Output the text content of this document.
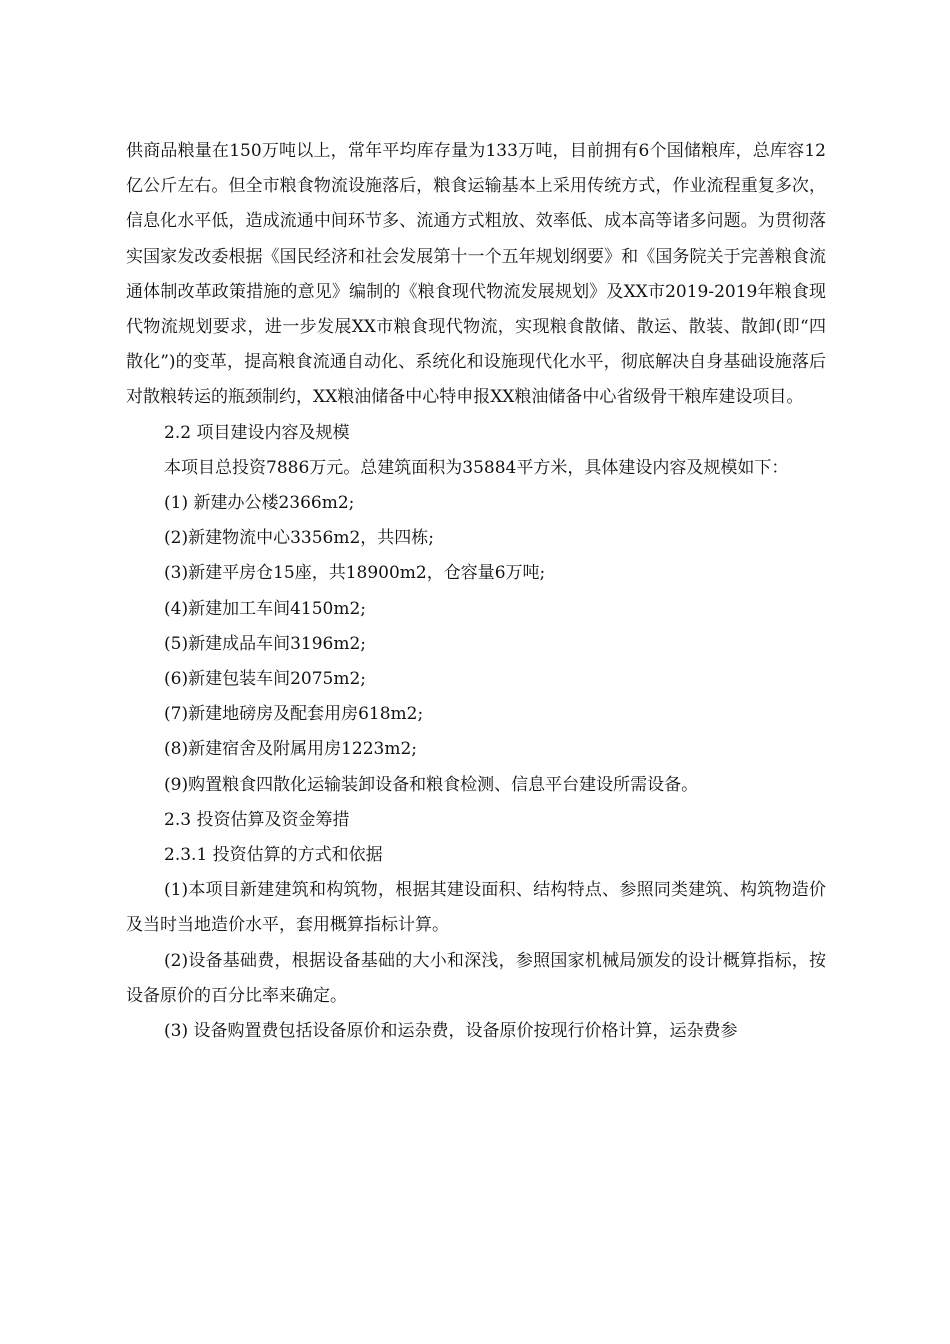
供商品粮量在150万吨以上，常年平均库存量为133万吨，目前拥有6个国储粮库，总库容12亿公斤左右。但全市粮食物流设施落后，粮食运输基本上采用传统方式，作业流程重复多次，信息化水平低，造成流通中间环节多、流通方式粗放、效率低、成本高等诸多问题。为贯彻落实国家发改委根据《国民经济和社会发展第十一个五年规划纲要》和《国务院关于完善粮食流通体制改革政策措施的意见》编制的《粮食现代物流发展规划》及XX市2019-2019年粮食现代物流规划要求，进一步发展XX市粮食现代物流，实现粮食散储、散运、散装、散卸(即“四散化”)的变革，提高粮食流通自动化、系统化和设施现代化水平，彻底解决自身基础设施落后对散粮转运的瓶颈制约，XX粮油储备中心特申报XX粮油储备中心省级骨干粮库建设项目。

2.2 项目建设内容及规模

本项目总投资7886万元。总建筑面积为35884平方米，具体建设内容及规模如下：

(1) 新建办公楼2366m2;

(2)新建物流中心3356m2，共四栋;

(3)新建平房仓15座，共18900m2，仓容量6万吨;

(4)新建加工车间4150m2;

(5)新建成品车间3196m2;

(6)新建包装车间2075m2;

(7)新建地磅房及配套用房618m2;

(8)新建宿舍及附属用房1223m2;

(9)购置粮食四散化运输装卸设备和粮食检测、信息平台建设所需设备。

2.3 投资估算及资金筹措

2.3.1 投资估算的方式和依据

(1)本项目新建建筑和构筑物，根据其建设面积、结构特点、参照同类建筑、构筑物造价及当时当地造价水平，套用概算指标计算。

(2)设备基础费，根据设备基础的大小和深浅，参照国家机械局颁发的设计概算指标，按设备原价的百分比率来确定。

(3) 设备购置费包括设备原价和运杂费，设备原价按现行价格计算，运杂费参
